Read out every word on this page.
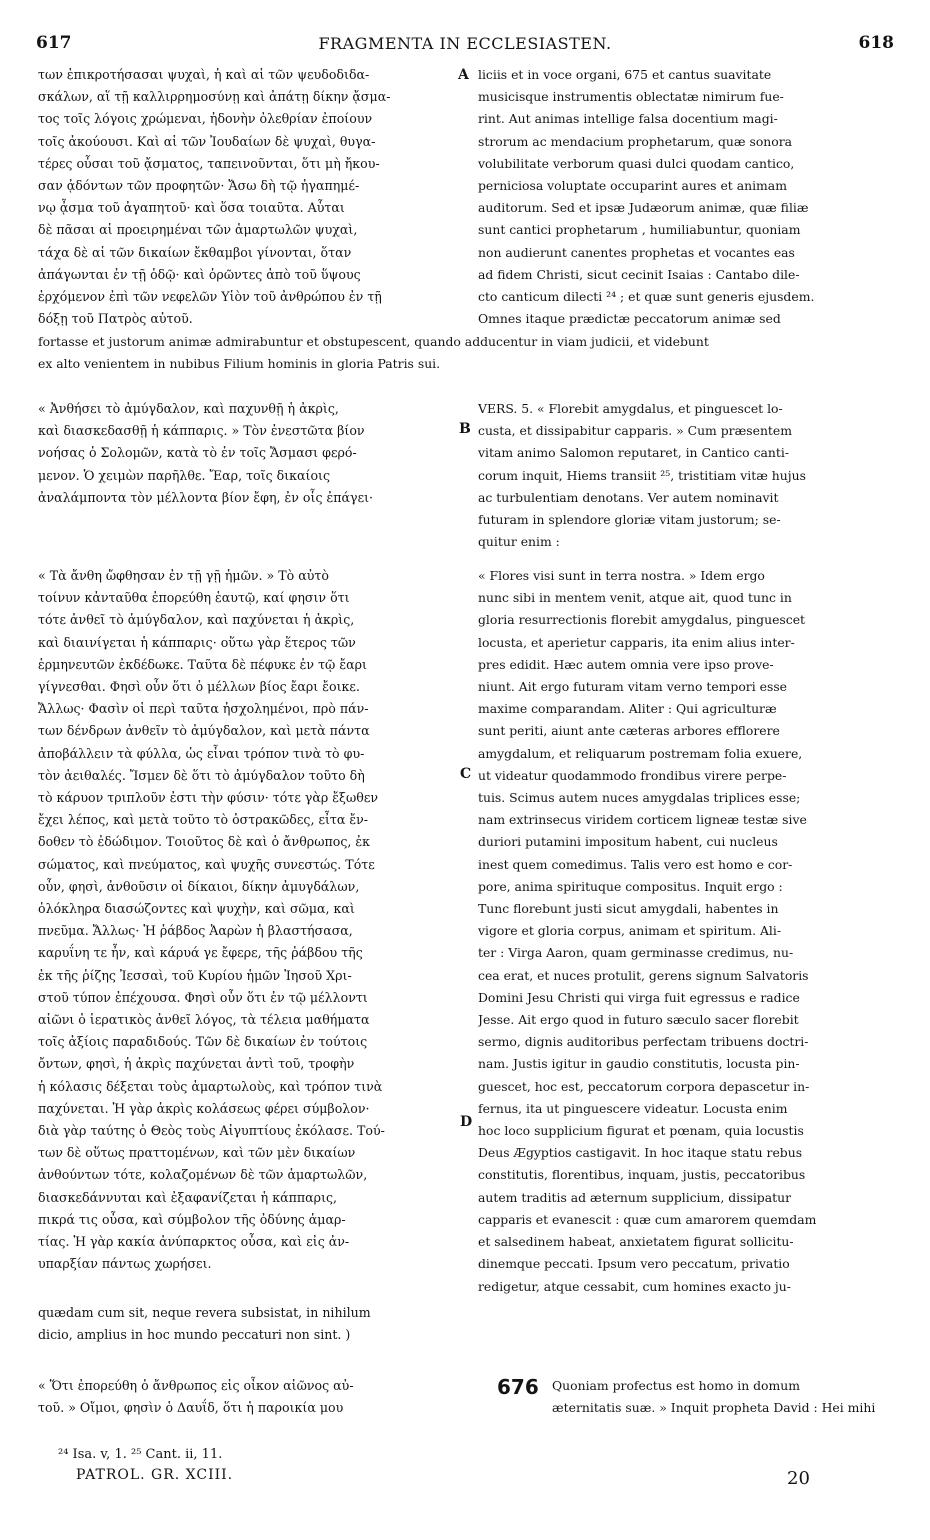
617	FRAGMENTA IN ECCLESIASTEN.	618
A
B
C
D
των ἐπικροτήσασαι ψυχαὶ, ἡ καὶ αἱ τῶν ψευδοδιδα-
σκάλων, αἵ τῇ καλλιρρημοσύνῃ καὶ ἀπάτῃ δίκην ᾄσμα-
τος τοῖς λόγοις χρώμεναι, ἡδονὴν ὀλεθρίαν ἐποίουν
τοῖς ἀκούουσι. Καὶ αἱ τῶν Ἰουδαίων δὲ ψυχαὶ, θυγα-
τέρες οὖσαι τοῦ ᾄσματος, ταπεινοῦνται, ὅτι μὴ ἤκου-
σαν ᾀδόντων τῶν προφητῶν· Ἄσω δὴ τῷ ἠγαπημέ-
νῳ ᾆσμα τοῦ ἀγαπητοῦ· καὶ ὅσα τοιαῦτα. Αὗται
δὲ πᾶσαι αἱ προειρημέναι τῶν ἁμαρτωλῶν ψυχαὶ,
τάχα δὲ αἱ τῶν δικαίων ἔκθαμβοι γίνονται, ὅταν
ἀπάγωνται ἐν τῇ ὁδῷ· καὶ ὁρῶντες ἀπὸ τοῦ ὕψους
ἐρχόμενον ἐπὶ τῶν νεφελῶν Υἱὸν τοῦ ἀνθρώπου ἐν τῇ
δόξῃ τοῦ Πατρὸς αὐτοῦ.
liciis et in voce organi, 675 et cantus suavitate
musicisque instrumentis oblectatæ nimirum fue-
rint. Aut animas intellige falsa docentium magi-
strorum ac mendacium prophetarum, quæ sonora
volubilitate verborum quasi dulci quodam cantico,
perniciosa voluptate occuparint aures et animam
auditorum. Sed et ipsæ Judæorum animæ, quæ filiæ
sunt cantici prophetarum , humiliabuntur, quoniam
non audierunt canentes prophetas et vocantes eas
ad fidem Christi, sicut cecinit Isaias : Cantabo dile-
cto canticum dilecti ²⁴ ; et quæ sunt generis ejusdem.
Omnes itaque prædictæ peccatorum animæ sed
fortasse et justorum animæ admirabuntur et obstupescent, quando adducentur in viam judicii, et videbunt
ex alto venientem in nubibus Filium hominis in gloria Patris sui.
« Ἀνθήσει τὸ ἀμύγδαλον, καὶ παχυνθῇ ἡ ἀκρὶς,
καὶ διασκεδασθῇ ἡ κάππαρις. » Τὸν ἐνεστῶτα βίον
νοήσας ὁ Σολομῶν, κατὰ τὸ ἐν τοῖς Ἄσμασι φερό-
μενον. Ὁ χειμὼν παρῆλθε. Ἔαρ, τοῖς δικαίοις
ἀναλάμποντα τὸν μέλλοντα βίον ἔφη, ἐν οἷς ἐπάγει·
VERS. 5. « Florebit amygdalus, et pinguescet lo-
custa, et dissipabitur capparis. » Cum præsentem
vitam animo Salomon reputaret, in Cantico canti-
corum inquit, Hiems transiit ²⁵, tristitiam vitæ hujus
ac turbulentiam denotans. Ver autem nominavit
futuram in splendore gloriæ vitam justorum; se-
quitur enim :
« Τὰ ἄνθη ὤφθησαν ἐν τῇ γῇ ἡμῶν. » Τὸ αὐτὸ
τοίνυν κἀνταῦθα ἐπορεύθη ἑαυτῷ, καί φησιν ὅτι
τότε ἀνθεῖ τὸ ἀμύγδαλον, καὶ παχύνεται ἡ ἀκρὶς,
καὶ διαινίγεται ἡ κάππαρις· οὕτω γὰρ ἕτερος τῶν
ἑρμηνευτῶν ἐκδέδωκε. Ταῦτα δὲ πέφυκε ἐν τῷ ἔαρι
γίγνεσθαι. Φησὶ οὖν ὅτι ὁ μέλλων βίος ἔαρι ἔοικε.
Ἄλλως· Φασὶν οἱ περὶ ταῦτα ἠσχολημένοι, πρὸ πάν-
των δένδρων ἀνθεῖν τὸ ἀμύγδαλον, καὶ μετὰ πάντα
ἀποβάλλειν τὰ φύλλα, ὡς εἶναι τρόπον τινὰ τὸ φυ-
τὸν ἀειθαλές. Ἴσμεν δὲ ὅτι τὸ ἀμύγδαλον τοῦτο δὴ
τὸ κάρυον τριπλοῦν ἐστι τὴν φύσιν· τότε γὰρ ἔξωθεν
ἔχει λέπος, καὶ μετὰ τοῦτο τὸ ὀστρακῶδες, εἶτα ἔν-
δοθεν τὸ ἐδώδιμον. Τοιοῦτος δὲ καὶ ὁ ἄνθρωπος, ἐκ
σώματος, καὶ πνεύματος, καὶ ψυχῆς συνεστώς. Τότε
οὖν, φησὶ, ἀνθοῦσιν οἱ δίκαιοι, δίκην ἀμυγδάλων,
ὁλόκληρα διασώζοντες καὶ ψυχὴν, καὶ σῶμα, καὶ
πνεῦμα. Ἄλλως· Ἡ ῥάβδος Ἀαρὼν ἡ βλαστήσασα,
καρυΐνη τε ἦν, καὶ κάρυά γε ἔφερε, τῆς ῥάβδου τῆς
ἐκ τῆς ῥίζης Ἰεσσαὶ, τοῦ Κυρίου ἡμῶν Ἰησοῦ Χρι-
στοῦ τύπον ἐπέχουσα. Φησὶ οὖν ὅτι ἐν τῷ μέλλοντι
αἰῶνι ὁ ἱερατικὸς ἀνθεῖ λόγος, τὰ τέλεια μαθήματα
τοῖς ἀξίοις παραδιδούς. Τῶν δὲ δικαίων ἐν τούτοις
ὄντων, φησὶ, ἡ ἀκρὶς παχύνεται ἀντὶ τοῦ, τροφὴν
ἡ κόλασις δέξεται τοὺς ἁμαρτωλοὺς, καὶ τρόπον τινὰ
παχύνεται. Ἡ γὰρ ἀκρὶς κολάσεως φέρει σύμβολον·
διὰ γὰρ ταύτης ὁ Θεὸς τοὺς Αἰγυπτίους ἐκόλασε. Τού-
των δὲ οὕτως πραττομένων, καὶ τῶν μὲν δικαίων
ἀνθούντων τότε, κολαζομένων δὲ τῶν ἁμαρτωλῶν,
διασκεδάννυται καὶ ἐξαφανίζεται ἡ κάππαρις,
πικρά τις οὖσα, καὶ σύμβολον τῆς ὀδύνης ἁμαρ-
τίας. Ἡ γὰρ κακία ἀνύπαρκτος οὖσα, καὶ εἰς ἀν-
υπαρξίαν πάντως χωρήσει.
« Flores visi sunt in terra nostra. » Idem ergo
nunc sibi in mentem venit, atque ait, quod tunc in
gloria resurrectionis florebit amygdalus, pinguescet
locusta, et aperietur capparis, ita enim alius inter-
pres edidit. Hæc autem omnia vere ipso prove-
niunt. Ait ergo futuram vitam verno tempori esse
maxime comparandam. Aliter : Qui agriculturæ
sunt periti, aiunt ante cæteras arbores efflorere
amygdalum, et reliquarum postremam folia exuere,
ut videatur quodammodo frondibus virere perpe-
tuis. Scimus autem nuces amygdalas triplices esse;
nam extrinsecus viridem corticem ligneæ testæ sive
duriori putamini impositum habent, cui nucleus
inest quem comedimus. Talis vero est homo e cor-
pore, anima spirituque compositus. Inquit ergo :
Tunc florebunt justi sicut amygdali, habentes in
vigore et gloria corpus, animam et spiritum. Ali-
ter : Virga Aaron, quam germinasse credimus, nu-
cea erat, et nuces protulit, gerens signum Salvatoris
Domini Jesu Christi qui virga fuit egressus e radice
Jesse. Ait ergo quod in futuro sæculo sacer florebit
sermo, dignis auditoribus perfectam tribuens doctri-
nam. Justis igitur in gaudio constitutis, locusta pin-
guescet, hoc est, peccatorum corpora depascetur in-
fernus, ita ut pinguescere videatur. Locusta enim
hoc loco supplicium figurat et pœnam, quia locustis
Deus Ægyptios castigavit. In hoc itaque statu rebus
constitutis, florentibus, inquam, justis, peccatoribus
autem traditis ad æternum supplicium, dissipatur
capparis et evanescit : quæ cum amarorem quemdam
et salsedinem habeat, anxietatem figurat sollicitu-
dinemque peccati. Ipsum vero peccatum, privatio
redigetur, atque cessabit, cum homines exacto ju-
quædam cum sit, neque revera subsistat, in nihilum
dicio, amplius in hoc mundo peccaturi non sint. )
« Ὅτι ἐπορεύθη ὁ ἄνθρωπος εἰς οἶκον αἰῶνος αὐ-
τοῦ. » Οἴμοι, φησὶν ὁ Δαυΐδ, ὅτι ἡ παροικία μου
676 Quoniam profectus est homo in domum
æternitatis suæ. » Inquit propheta David : Hei mihi
²⁴ Isa. v, 1. ²⁵ Cant. ii, 11.
PATROL. GR. XCIII.	20
